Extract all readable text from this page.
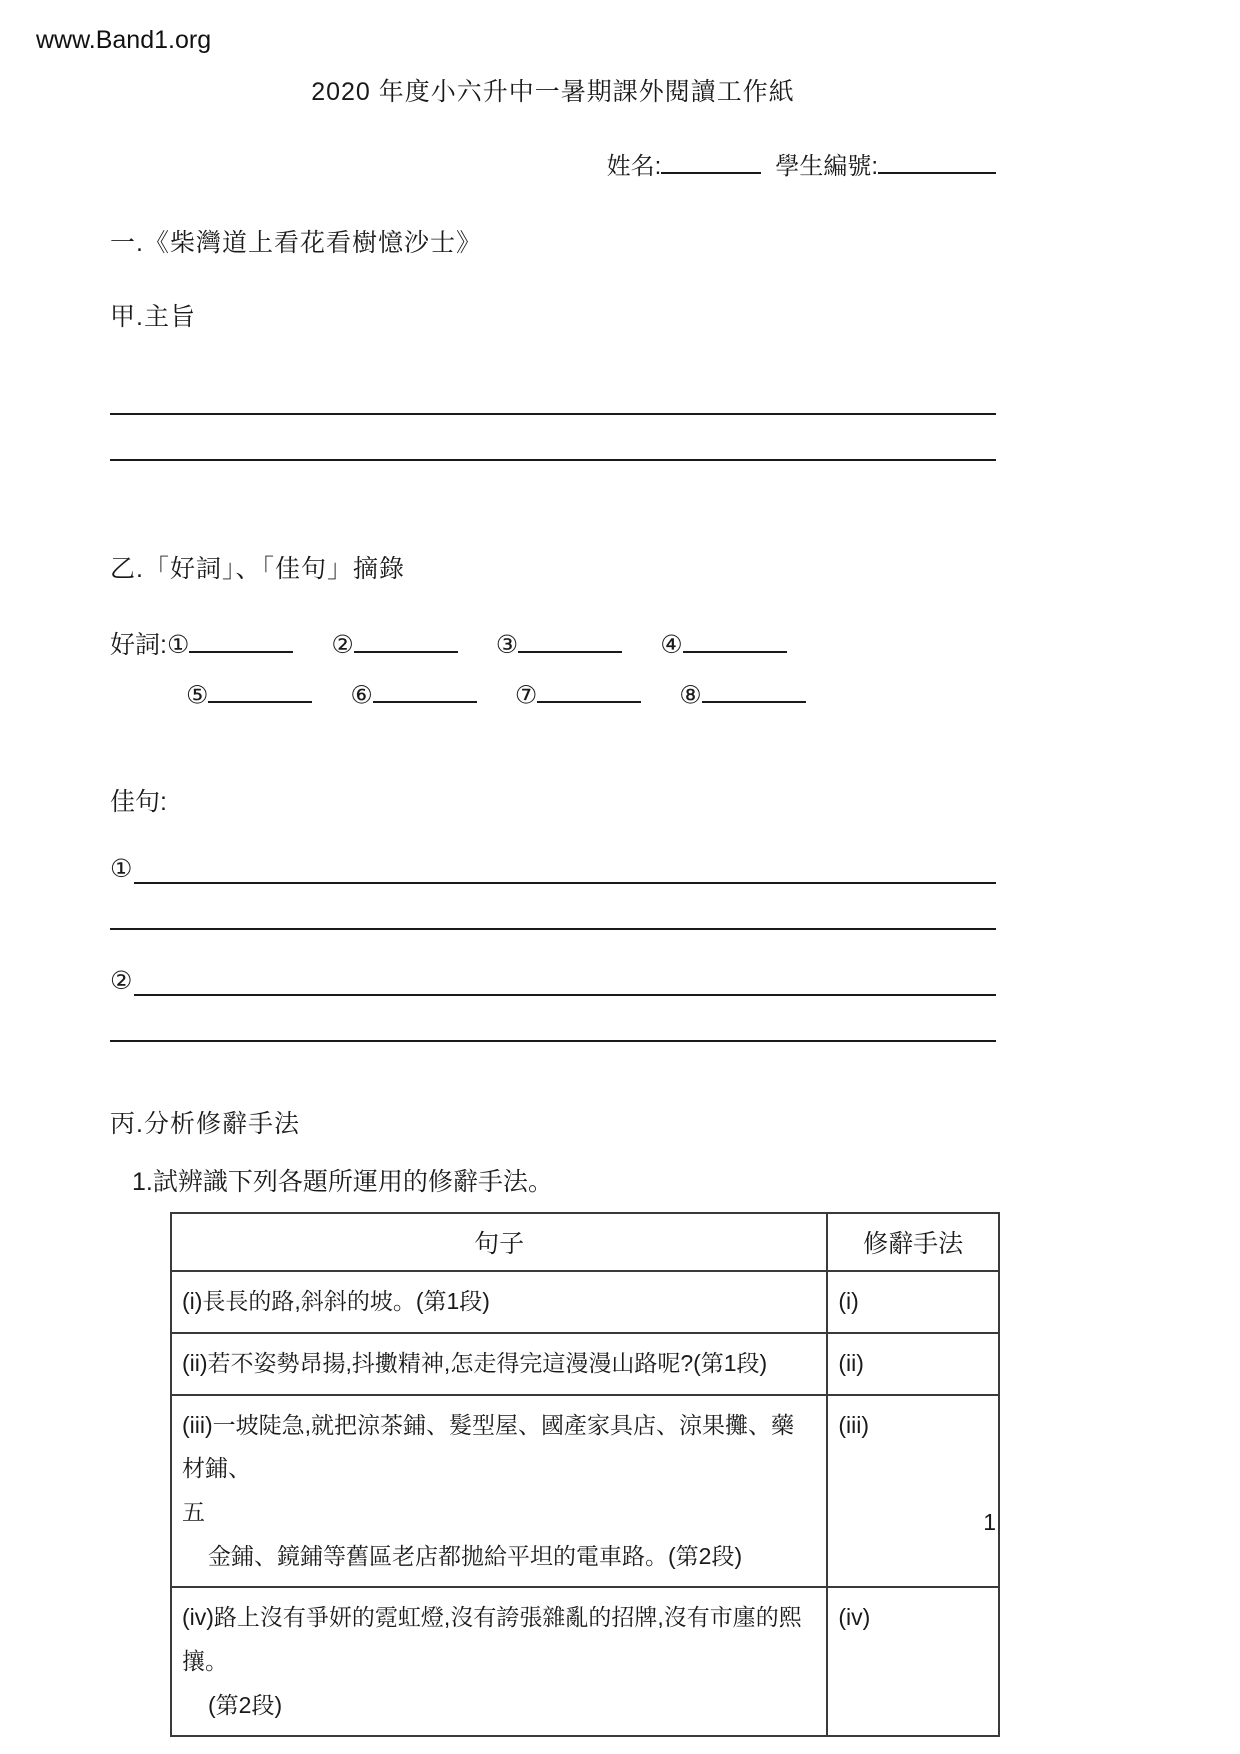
www.Band1.org
2020 年度小六升中一暑期課外閱讀工作紙
姓名:	學生編號:
一.《柴灣道上看花看樹憶沙士》
甲.主旨
乙.「好詞」、「佳句」摘錄
好詞:①	②	③	④
⑤	⑥	⑦	⑧
佳句:
①
②
丙.分析修辭手法
1.試辨識下列各題所運用的修辭手法。
句子	修辭手法

(i)長長的路,斜斜的坡。(第1段)	(i)

(ii)若不姿勢昂揚,抖擻精神,怎走得完這漫漫山路呢?(第1段)	(ii)

(iii)一坡陡急,就把涼茶鋪、髮型屋、國產家具店、涼果攤、藥材鋪、
五
金鋪、鏡鋪等舊區老店都拋給平坦的電車路。(第2段)	(iii)

(iv)路上沒有爭妍的霓虹燈,沒有誇張雜亂的招牌,沒有市廛的熙攘。
(第2段)	(iv)
1
